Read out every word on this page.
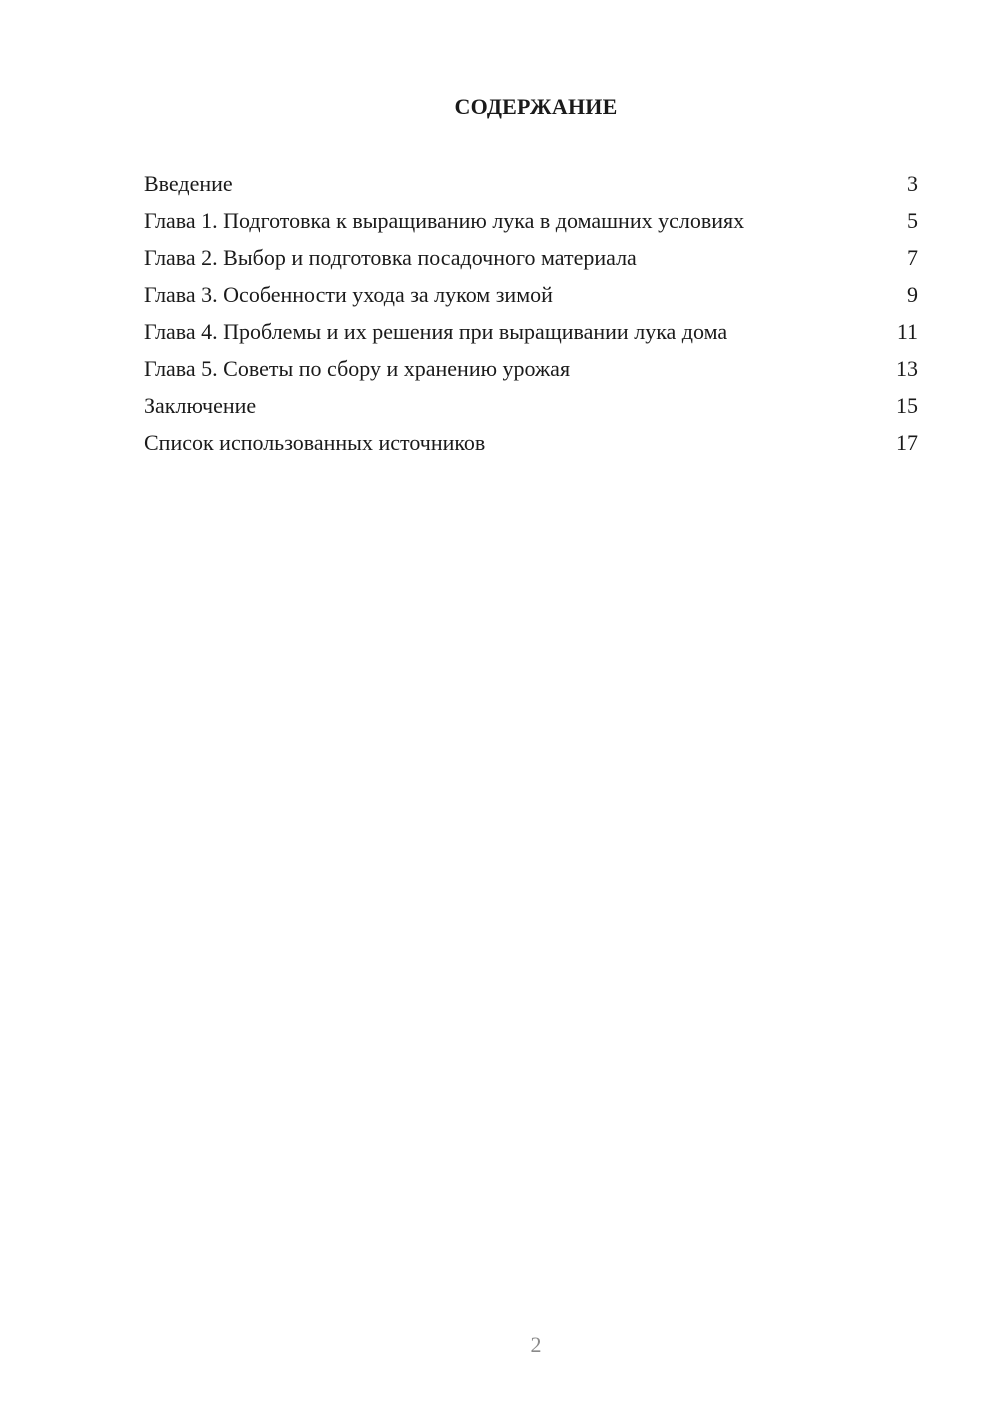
СОДЕРЖАНИЕ
Введение	3
Глава 1. Подготовка к выращиванию лука в домашних условиях	5
Глава 2. Выбор и подготовка посадочного материала	7
Глава 3. Особенности ухода за луком зимой	9
Глава 4. Проблемы и их решения при выращивании лука дома	11
Глава 5. Советы по сбору и хранению урожая	13
Заключение	15
Список использованных источников	17
2
